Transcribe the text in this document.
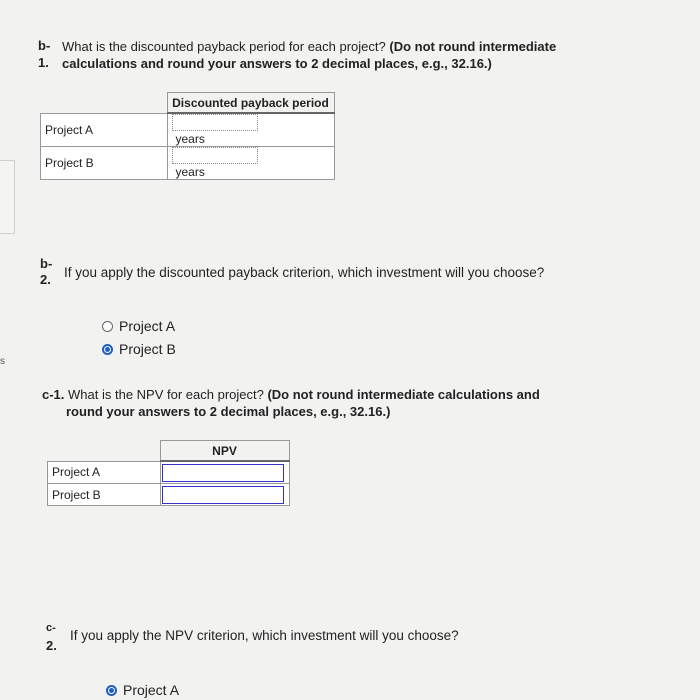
s
b-
1.
What is the discounted payback period for each project? (Do not round intermediate
calculations and round your answers to 2 decimal places, e.g., 32.16.)
	Discounted payback period
Project A	years
Project B	years
b-
2. If you apply the discounted payback criterion, which investment will you choose?
Project A
Project B
c-1. What is the NPV for each project? (Do not round intermediate calculations and
round your answers to 2 decimal places, e.g., 32.16.)
	NPV
Project A	

Project B	
c-
2.
If you apply the NPV criterion, which investment will you choose?
Project A
